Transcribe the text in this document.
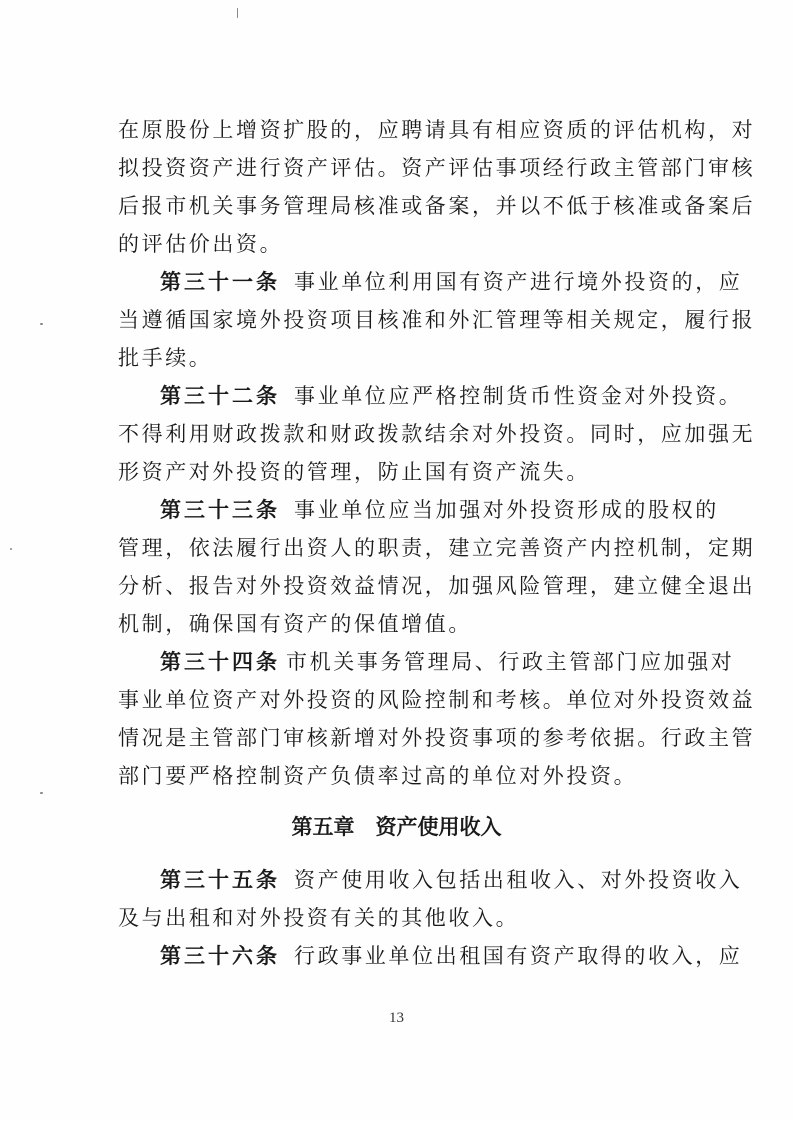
在原股份上增资扩股的，应聘请具有相应资质的评估机构，对
拟投资资产进行资产评估。资产评估事项经行政主管部门审核
后报市机关事务管理局核准或备案，并以不低于核准或备案后
的评估价出资。
第三十一条 事业单位利用国有资产进行境外投资的，应
当遵循国家境外投资项目核准和外汇管理等相关规定，履行报
批手续。
第三十二条 事业单位应严格控制货币性资金对外投资。
不得利用财政拨款和财政拨款结余对外投资。同时，应加强无
形资产对外投资的管理，防止国有资产流失。
第三十三条 事业单位应当加强对外投资形成的股权的
管理，依法履行出资人的职责，建立完善资产内控机制，定期
分析、报告对外投资效益情况，加强风险管理，建立健全退出
机制，确保国有资产的保值增值。
第三十四条 市机关事务管理局、行政主管部门应加强对
事业单位资产对外投资的风险控制和考核。单位对外投资效益
情况是主管部门审核新增对外投资事项的参考依据。行政主管
部门要严格控制资产负债率过高的单位对外投资。
第五章　资产使用收入
第三十五条 资产使用收入包括出租收入、对外投资收入
及与出租和对外投资有关的其他收入。
第三十六条 行政事业单位出租国有资产取得的收入，应
13
